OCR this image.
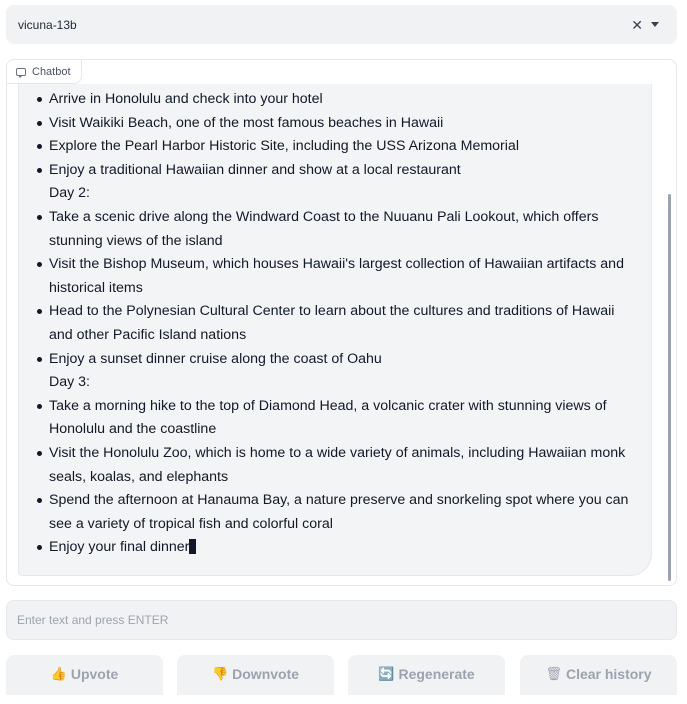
vicuna-13b	✕
Chatbot
Arrive in Honolulu and check into your hotel
Visit Waikiki Beach, one of the most famous beaches in Hawaii
Explore the Pearl Harbor Historic Site, including the USS Arizona Memorial
Enjoy a traditional Hawaiian dinner and show at a local restaurant
Day 2:
Take a scenic drive along the Windward Coast to the Nuuanu Pali Lookout, which offers stunning views of the island
Visit the Bishop Museum, which houses Hawaii's largest collection of Hawaiian artifacts and historical items
Head to the Polynesian Cultural Center to learn about the cultures and traditions of Hawaii and other Pacific Island nations
Enjoy a sunset dinner cruise along the coast of Oahu
Day 3:
Take a morning hike to the top of Diamond Head, a volcanic crater with stunning views of Honolulu and the coastline
Visit the Honolulu Zoo, which is home to a wide variety of animals, including Hawaiian monk seals, koalas, and elephants
Spend the afternoon at Hanauma Bay, a nature preserve and snorkeling spot where you can see a variety of tropical fish and colorful coral
Enjoy your final dinner
Enter text and press ENTER
👍 Upvote	👎 Downvote	🔄 Regenerate	🗑 Clear history
